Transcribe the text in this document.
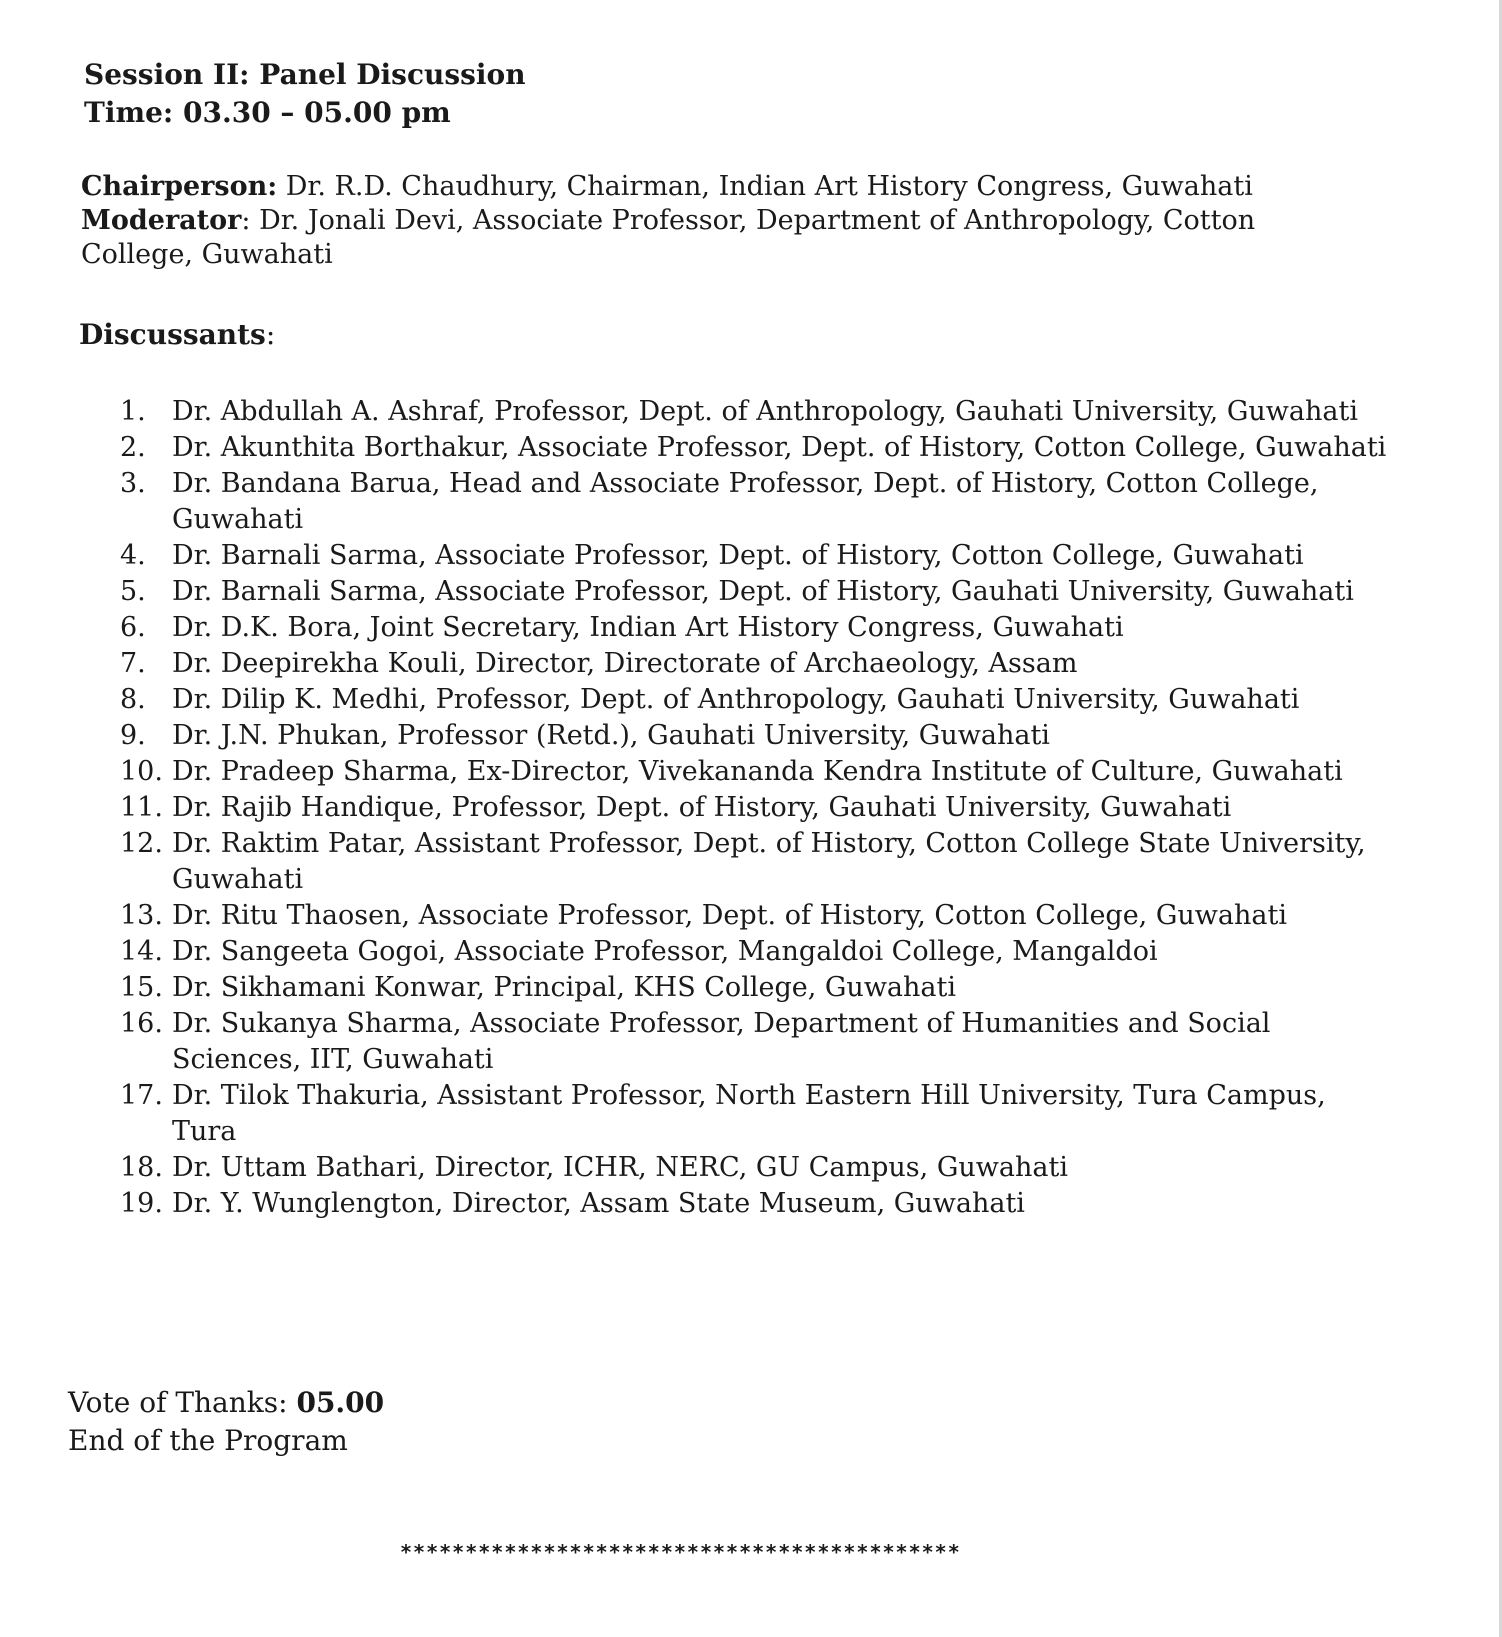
Session II: Panel Discussion
Time: 03.30 – 05.00 pm
Chairperson: Dr. R.D. Chaudhury, Chairman, Indian Art History Congress, Guwahati
Moderator: Dr. Jonali Devi, Associate Professor, Department of Anthropology, Cotton College, Guwahati
Discussants:
1. Dr. Abdullah A. Ashraf, Professor, Dept. of Anthropology, Gauhati University, Guwahati
2. Dr. Akunthita Borthakur, Associate Professor, Dept. of History, Cotton College, Guwahati
3. Dr. Bandana Barua, Head and Associate Professor, Dept. of History, Cotton College, Guwahati
4. Dr. Barnali Sarma, Associate Professor, Dept. of History, Cotton College, Guwahati
5. Dr. Barnali Sarma, Associate Professor, Dept. of History, Gauhati University, Guwahati
6. Dr. D.K. Bora, Joint Secretary, Indian Art History Congress, Guwahati
7. Dr. Deepirekha Kouli, Director, Directorate of Archaeology, Assam
8. Dr. Dilip K. Medhi, Professor, Dept. of Anthropology, Gauhati University, Guwahati
9. Dr. J.N. Phukan, Professor (Retd.), Gauhati University, Guwahati
10. Dr. Pradeep Sharma, Ex-Director, Vivekananda Kendra Institute of Culture, Guwahati
11. Dr. Rajib Handique, Professor, Dept. of History, Gauhati University, Guwahati
12. Dr. Raktim Patar, Assistant Professor, Dept. of History, Cotton College State University, Guwahati
13. Dr. Ritu Thaosen, Associate Professor, Dept. of History, Cotton College, Guwahati
14. Dr. Sangeeta Gogoi, Associate Professor, Mangaldoi College, Mangaldoi
15. Dr. Sikhamani Konwar, Principal, KHS College, Guwahati
16. Dr. Sukanya Sharma, Associate Professor, Department of Humanities and Social Sciences, IIT, Guwahati
17. Dr. Tilok Thakuria, Assistant Professor, North Eastern Hill University, Tura Campus, Tura
18. Dr. Uttam Bathari, Director, ICHR, NERC, GU Campus, Guwahati
19. Dr. Y. Wunglengton, Director, Assam State Museum, Guwahati
Vote of Thanks: 05.00
End of the Program
*******************************************
